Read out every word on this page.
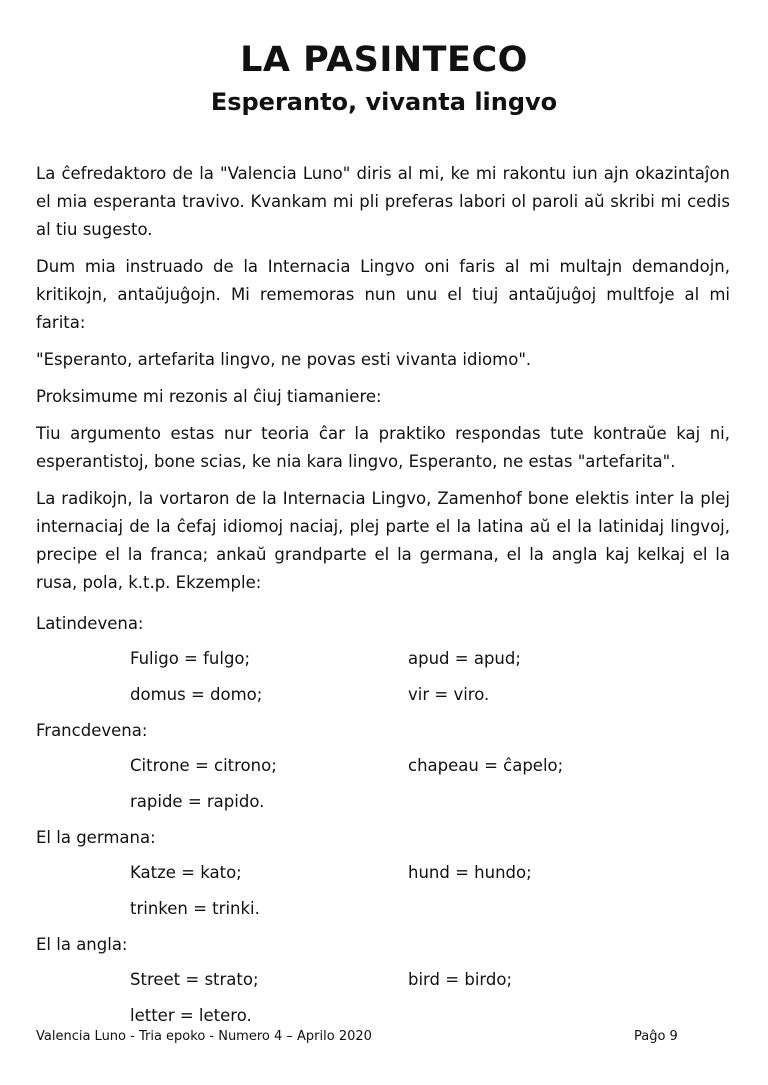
LA PASINTECO
Esperanto, vivanta lingvo

La ĉefredaktoro de la "Valencia Luno" diris al mi, ke mi rakontu iun ajn okazintaĵon el mia esperanta travivo. Kvankam mi pli preferas labori ol paroli aŭ skribi mi cedis al tiu sugesto.

Dum mia instruado de la Internacia Lingvo oni faris al mi multajn demandojn, kritikojn, antaŭjuĝojn. Mi rememoras nun unu el tiuj antaŭjuĝoj multfoje al mi farita:

"Esperanto, artefarita lingvo, ne povas esti vivanta idiomo".

Proksimume mi rezonis al ĉiuj tiamaniere:

Tiu argumento estas nur teoria ĉar la praktiko respondas tute kontraŭe kaj ni, esperantistoj, bone scias, ke nia kara lingvo, Esperanto, ne estas "artefarita".

La radikojn, la vortaron de la Internacia Lingvo, Zamenhof bone elektis inter la plej internaciaj de la ĉefaj idiomoj naciaj, plej parte el la latina aŭ el la latinidaj lingvoj, precipe el la franca; ankaŭ grandparte el la germana, el la angla kaj kelkaj el la rusa, pola, k.t.p. Ekzemple:

Latindevena:
Fuligo = fulgo;	apud = apud;
domus = domo;	vir = viro.
Francdevena:
Citrone = citrono;	chapeau = ĉapelo;
rapide = rapido.
El la germana:
Katze = kato;	hund = hundo;
trinken = trinki.
El la angla:
Street = strato;	bird = birdo;
letter = letero.
Valencia Luno - Tria epoko - Numero 4 – Aprilo 2020	Paĝo 9
